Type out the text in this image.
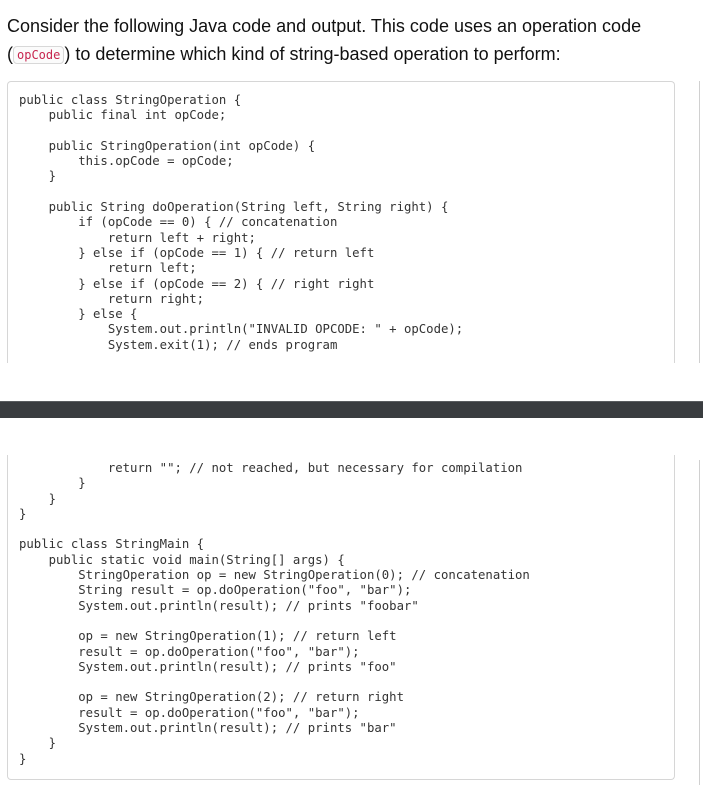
Consider the following Java code and output. This code uses an operation code
( opCode ) to determine which kind of string-based operation to perform:
public class StringOperation {
public final int opCode;

public StringOperation(int opCode) {
this.opCode = opCode;
}

public String doOperation(String left, String right) {
if (opCode == 0) { // concatenation
return left + right;
} else if (opCode == 1) { // return left
return left;
} else if (opCode == 2) { // right right
return right;
} else {
System.out.println("INVALID OPCODE: " + opCode);
System.exit(1); // ends program
return ""; // not reached, but necessary for compilation
}
}
}

public class StringMain {
public static void main(String[] args) {
StringOperation op = new StringOperation(0); // concatenation
String result = op.doOperation("foo", "bar");
System.out.println(result); // prints "foobar"

op = new StringOperation(1); // return left
result = op.doOperation("foo", "bar");
System.out.println(result); // prints "foo"

op = new StringOperation(2); // return right
result = op.doOperation("foo", "bar");
System.out.println(result); // prints "bar"
}
}
